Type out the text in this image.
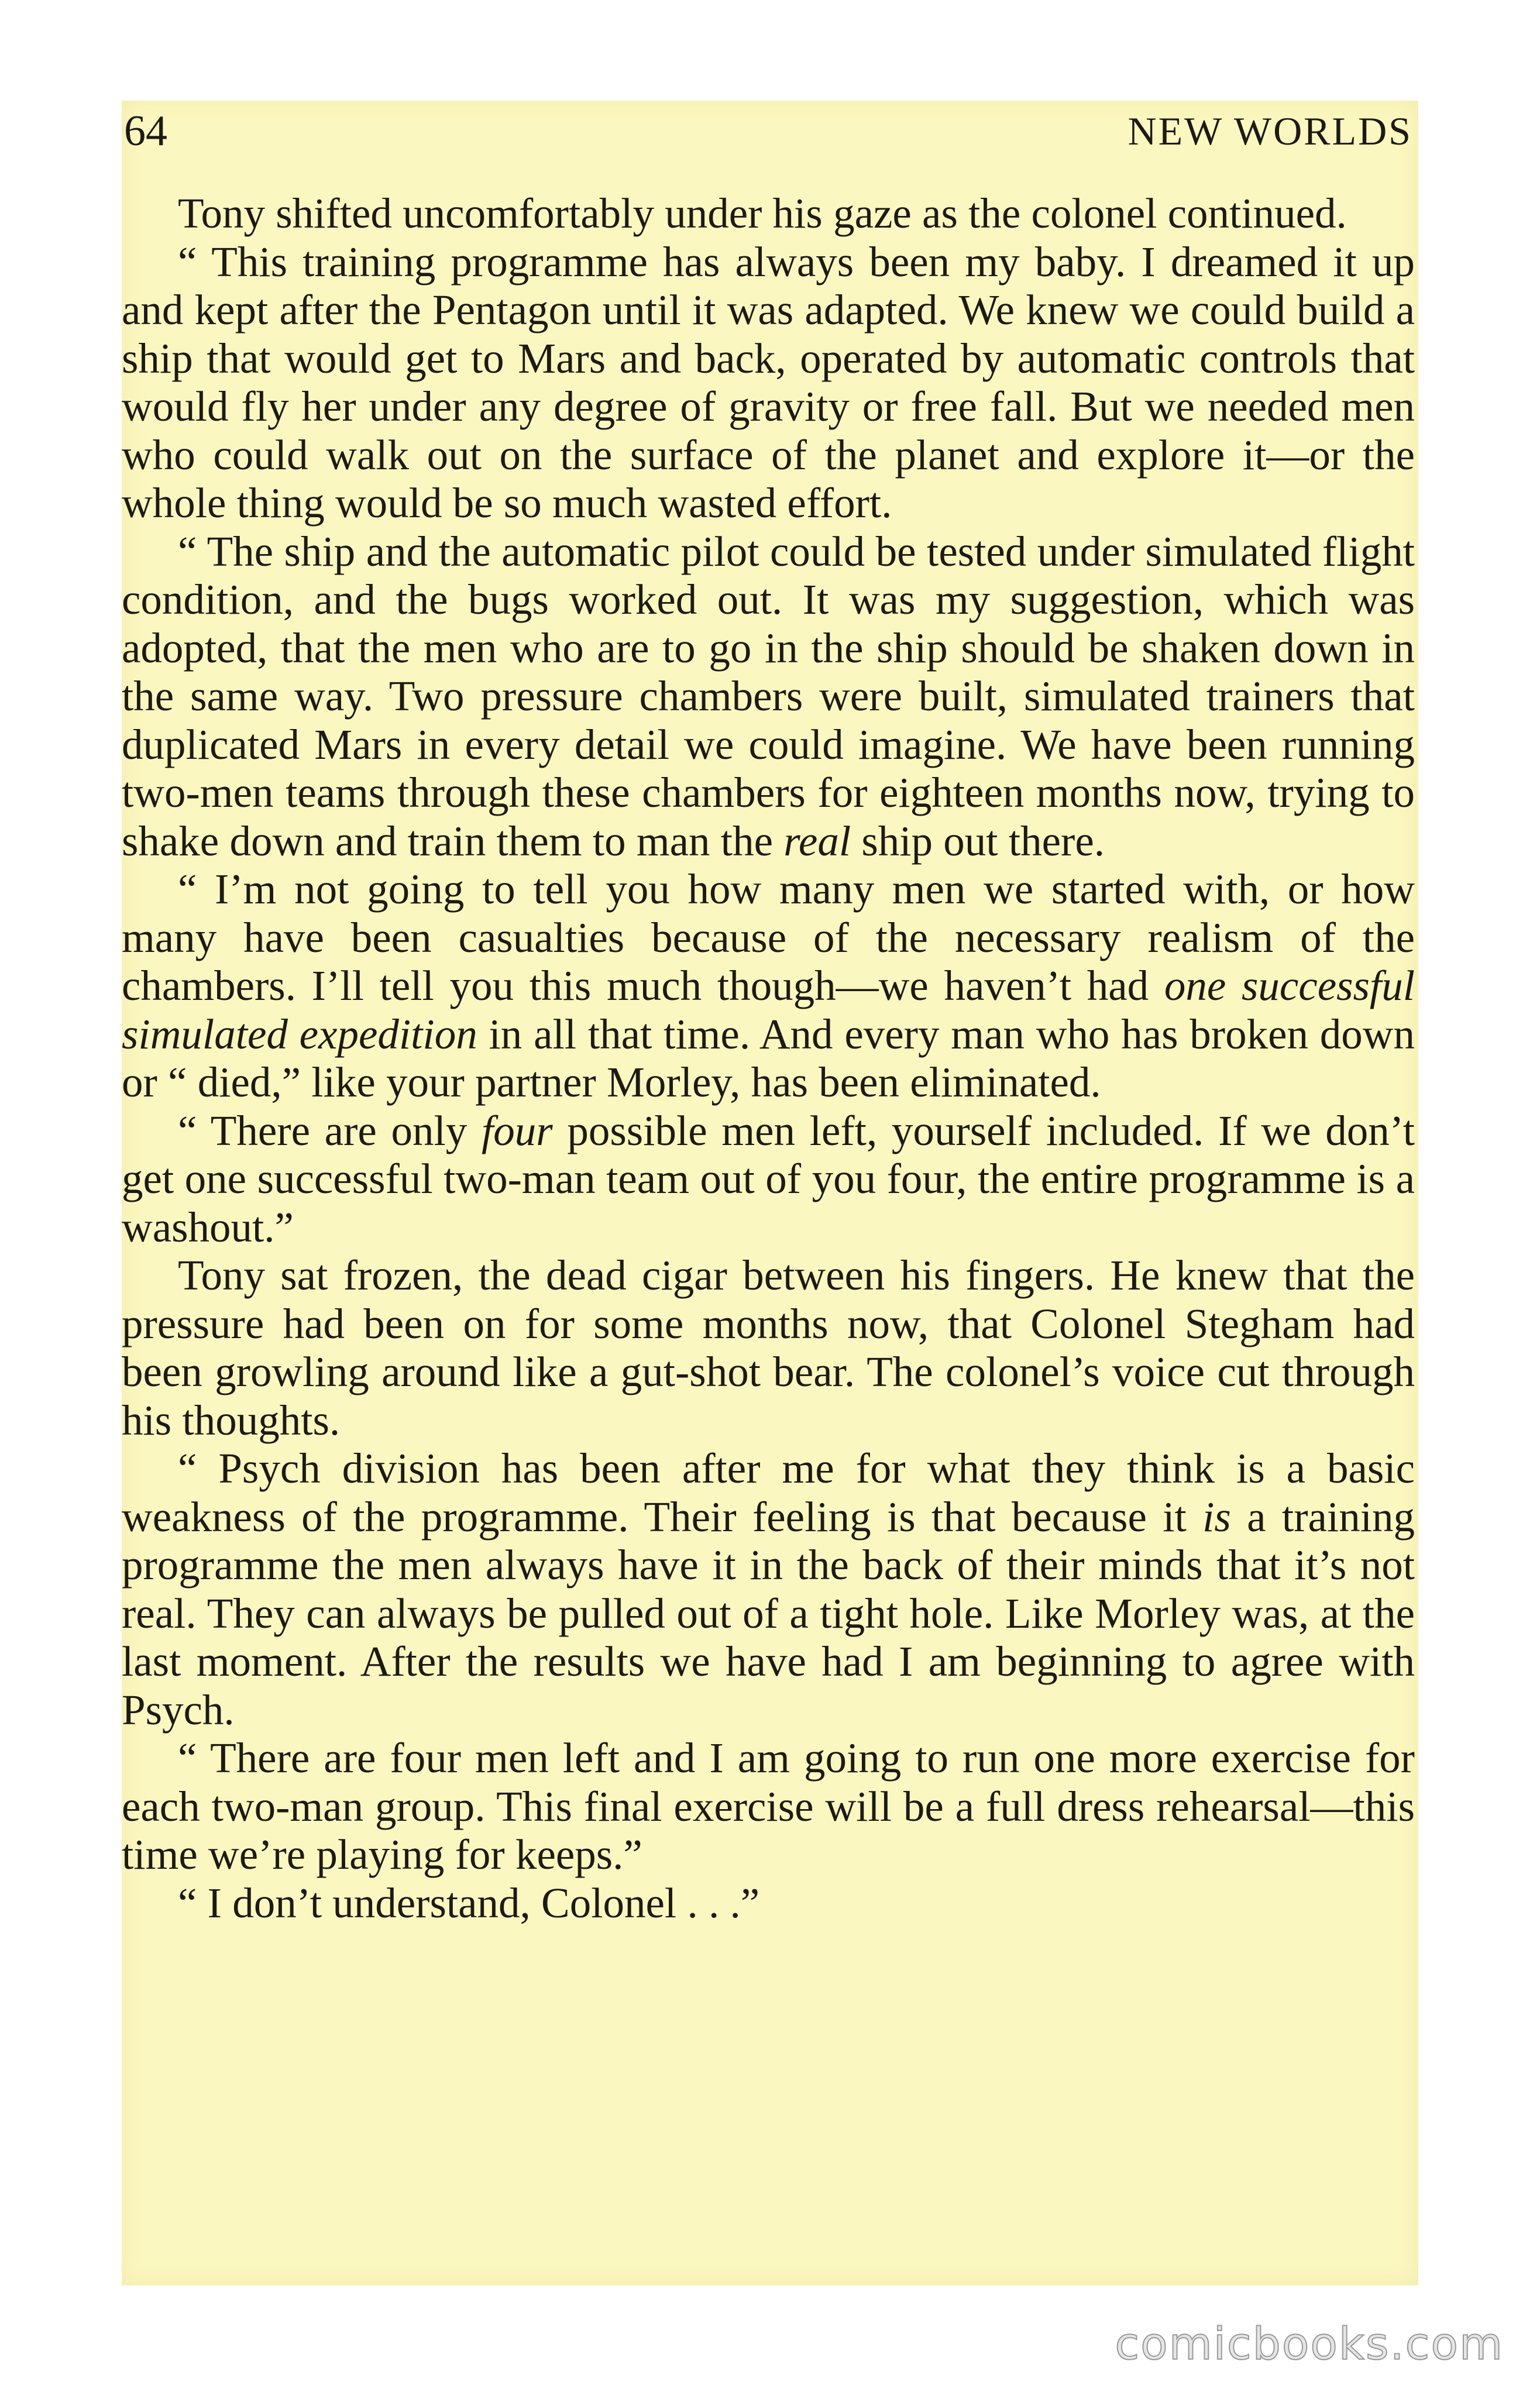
64	NEW WORLDS

Tony shifted uncomfortably under his gaze as the colonel continued.

“ This training programme has always been my baby. I dreamed it up and kept after the Pentagon until it was adapted. We knew we could build a ship that would get to Mars and back, operated by automatic controls that would fly her under any degree of gravity or free fall. But we needed men who could walk out on the surface of the planet and explore it—or the whole thing would be so much wasted effort.

“ The ship and the automatic pilot could be tested under simulated flight condition, and the bugs worked out. It was my suggestion, which was adopted, that the men who are to go in the ship should be shaken down in the same way. Two pressure chambers were built, simulated trainers that duplicated Mars in every detail we could imagine. We have been running two-men teams through these chambers for eighteen months now, trying to shake down and train them to man the real ship out there.

“ I’m not going to tell you how many men we started with, or how many have been casualties because of the necessary realism of the chambers. I’ll tell you this much though—we haven’t had one successful simulated expedition in all that time. And every man who has broken down or “ died,” like your partner Morley, has been eliminated.

“ There are only four possible men left, yourself included. If we don’t get one successful two-man team out of you four, the entire programme is a washout.”

Tony sat frozen, the dead cigar between his fingers. He knew that the pressure had been on for some months now, that Colonel Stegham had been growling around like a gut-shot bear. The colonel’s voice cut through his thoughts.

“ Psych division has been after me for what they think is a basic weakness of the programme. Their feeling is that because it is a training programme the men always have it in the back of their minds that it’s not real. They can always be pulled out of a tight hole. Like Morley was, at the last moment. After the results we have had I am beginning to agree with Psych.

“ There are four men left and I am going to run one more exercise for each two-man group. This final exercise will be a full dress rehearsal—this time we’re playing for keeps.”

“ I don’t understand, Colonel . . .”

comicbooks.com
